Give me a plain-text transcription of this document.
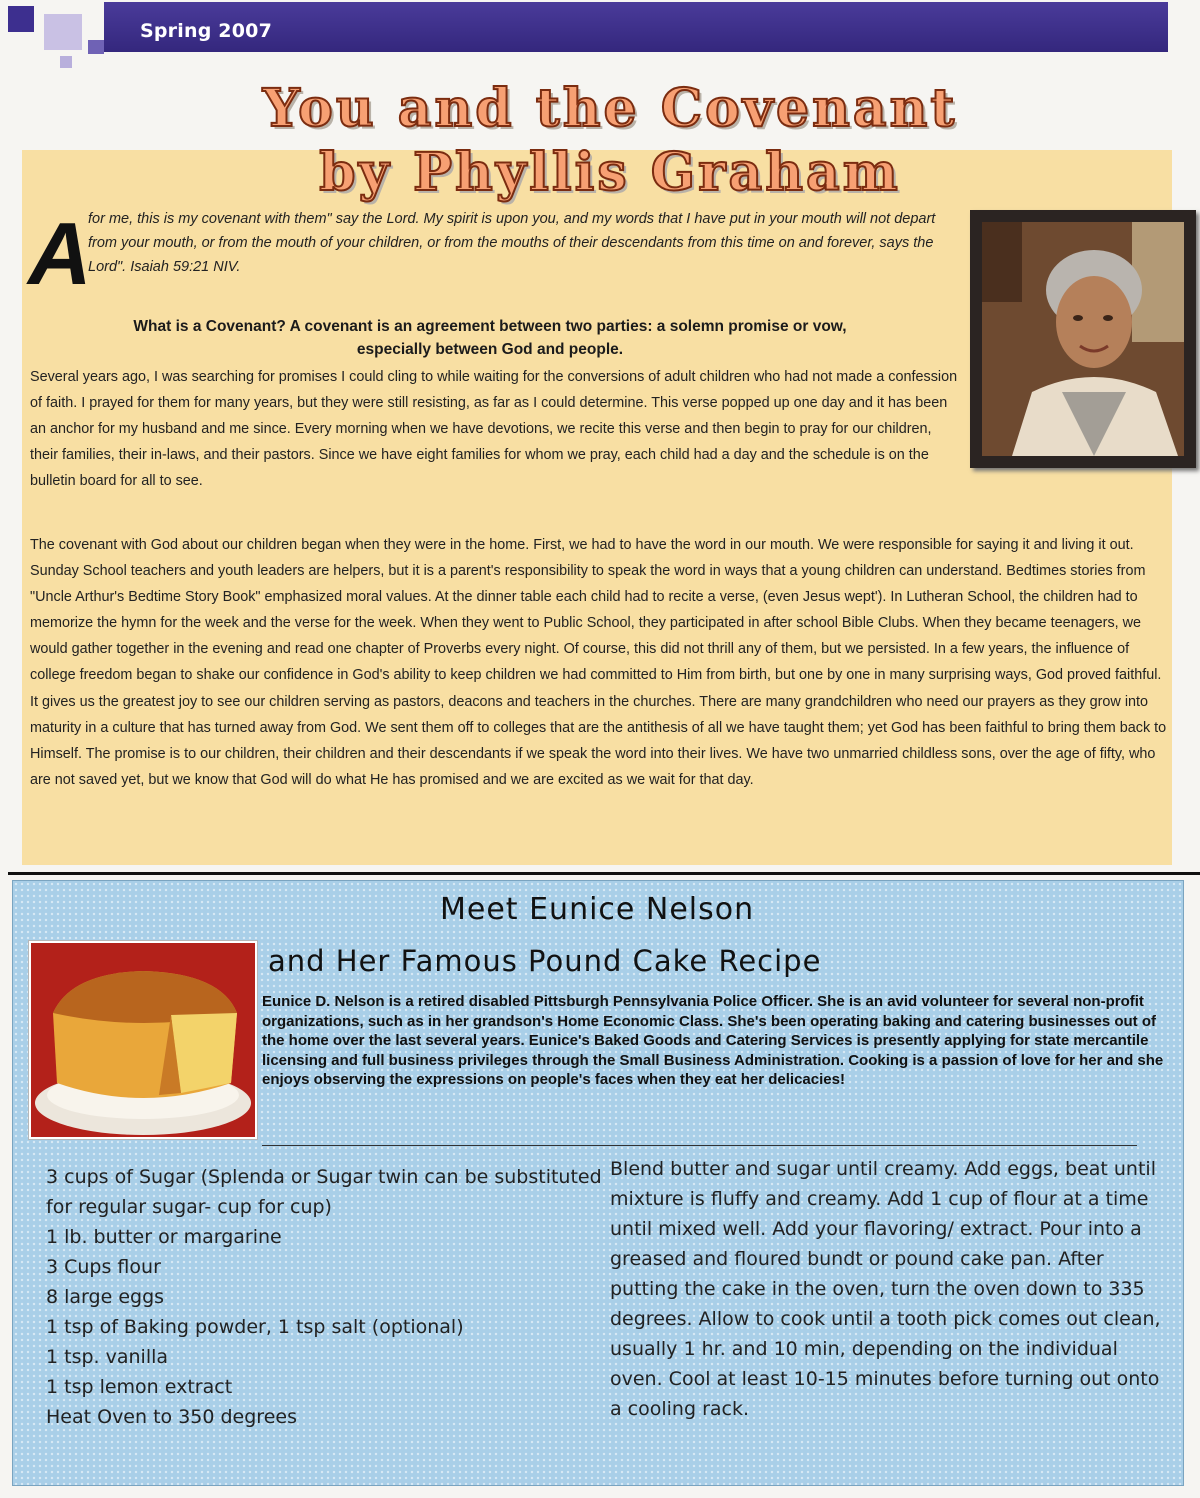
Spring 2007
You and the Covenant
by Phyllis Graham
A

for me, this is my covenant with them" say the Lord. My spirit is upon you, and my words that I have put in your mouth will not depart from your mouth, or from the mouth of your children, or from the mouths of their descendants from this time on and forever, says the Lord". Isaiah 59:21 NIV.

What is a Covenant? A covenant is an agreement between two parties: a solemn promise or vow, especially between God and people.

Several years ago, I was searching for promises I could cling to while waiting for the conversions of adult children who had not made a confession of faith. I prayed for them for many years, but they were still resisting, as far as I could determine. This verse popped up one day and it has been an anchor for my husband and me since. Every morning when we have devotions, we recite this verse and then begin to pray for our children, their families, their in-laws, and their pastors. Since we have eight families for whom we pray, each child had a day and the schedule is on the bulletin board for all to see.

The covenant with God about our children began when they were in the home. First, we had to have the word in our mouth. We were responsible for saying it and living it out. Sunday School teachers and youth leaders are helpers, but it is a parent's responsibility to speak the word in ways that a young children can understand. Bedtimes stories from "Uncle Arthur's Bedtime Story Book" emphasized moral values. At the dinner table each child had to recite a verse, (even Jesus wept'). In Lutheran School, the children had to memorize the hymn for the week and the verse for the week. When they went to Public School, they participated in after school Bible Clubs. When they became teenagers, we would gather together in the evening and read one chapter of Proverbs every night. Of course, this did not thrill any of them, but we persisted. In a few years, the influence of college freedom began to shake our confidence in God's ability to keep children we had committed to Him from birth, but one by one in many surprising ways, God proved faithful. It gives us the greatest joy to see our children serving as pastors, deacons and teachers in the churches. There are many grandchildren who need our prayers as they grow into maturity in a culture that has turned away from God. We sent them off to colleges that are the antithesis of all we have taught them; yet God has been faithful to bring them back to Himself. The promise is to our children, their children and their descendants if we speak the word into their lives. We have two unmarried childless sons, over the age of fifty, who are not saved yet, but we know that God will do what He has promised and we are excited as we wait for that day.

Meet Eunice Nelson
and Her Famous Pound Cake Recipe

Eunice D. Nelson is a retired disabled Pittsburgh Pennsylvania Police Officer. She is an avid volunteer for several non-profit organizations, such as in her grandson's Home Economic Class. She's been operating baking and catering businesses out of the home over the last several years. Eunice's Baked Goods and Catering Services is presently applying for state mercantile licensing and full business privileges through the Small Business Administration. Cooking is a passion of love for her and she enjoys observing the expressions on people's faces when they eat her delicacies!

3 cups of Sugar (Splenda or Sugar twin can be substituted for regular sugar- cup for cup)
1 lb. butter or margarine
3 Cups flour
8 large eggs
1 tsp of Baking powder, 1 tsp salt (optional)
1 tsp. vanilla
1 tsp lemon extract
Heat Oven to 350 degrees

Blend butter and sugar until creamy. Add eggs, beat until mixture is fluffy and creamy. Add 1 cup of flour at a time until mixed well. Add your flavoring/ extract. Pour into a greased and floured bundt or pound cake pan. After putting the cake in the oven, turn the oven down to 335 degrees. Allow to cook until a tooth pick comes out clean, usually 1 hr. and 10 min, depending on the individual oven. Cool at least 10-15 minutes before turning out onto a cooling rack.
